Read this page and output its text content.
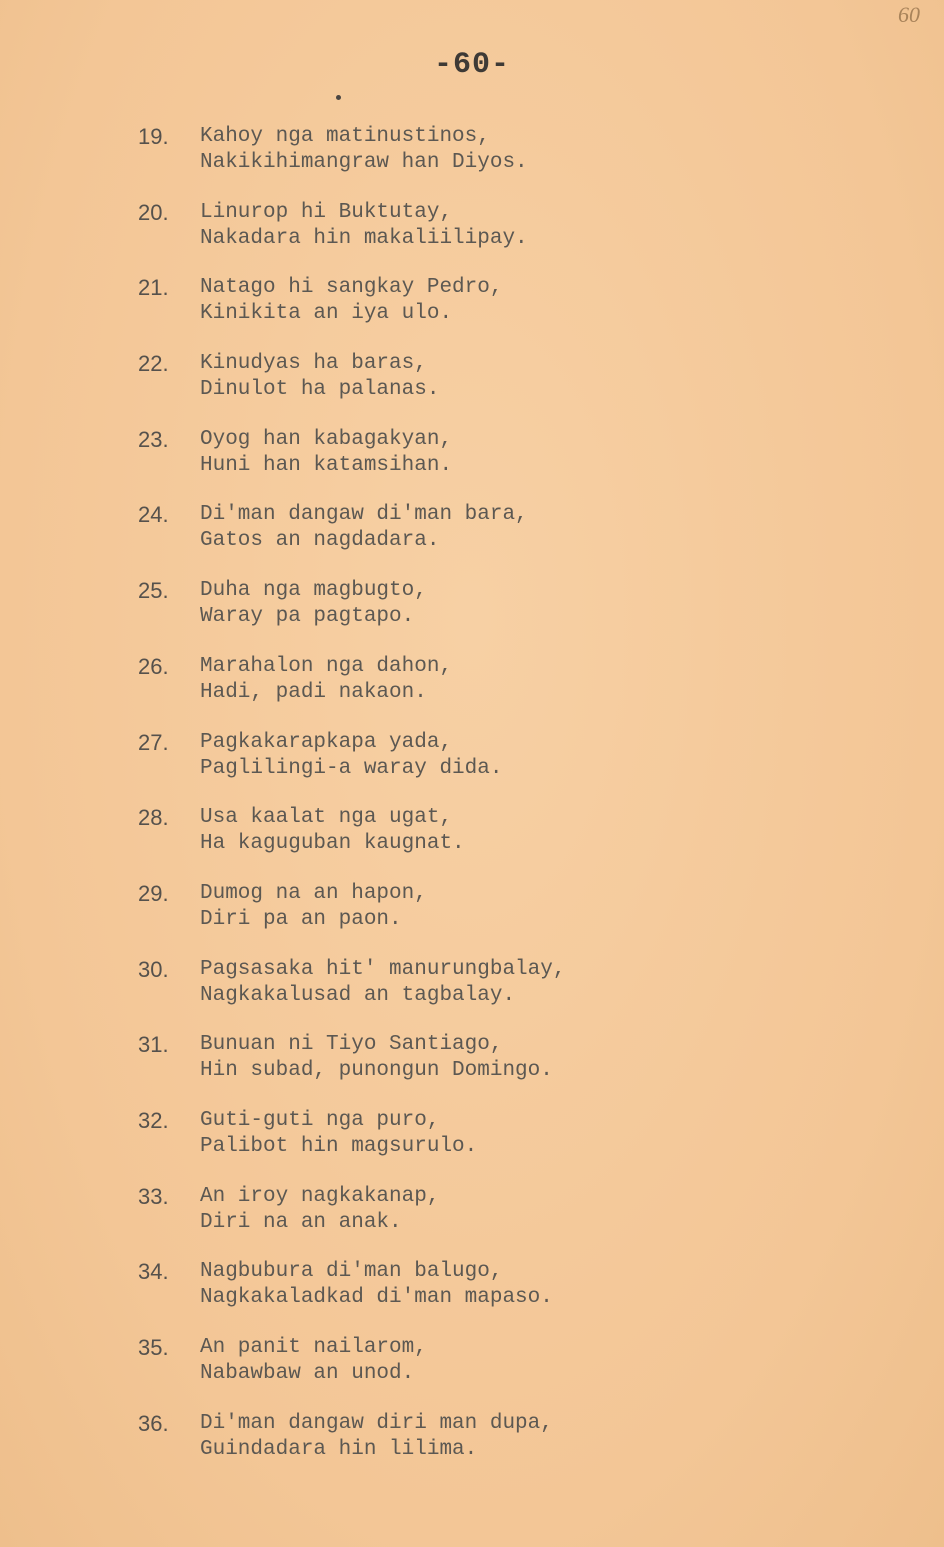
60
-60-
19.	Kahoy nga matinustinos,
Nakikihimangraw han Diyos.
20.	Linurop hi Buktutay,
Nakadara hin makaliilipay.
21.	Natago hi sangkay Pedro,
Kinikita an iya ulo.
22.	Kinudyas ha baras,
Dinulot ha palanas.
23.	Oyog han kabagakyan,
Huni han katamsihan.
24.	Di'man dangaw di'man bara,
Gatos an nagdadara.
25.	Duha nga magbugto,
Waray pa pagtapo.
26.	Marahalon nga dahon,
Hadi, padi nakaon.
27.	Pagkakarapkapa yada,
Paglilingi-a waray dida.
28.	Usa kaalat nga ugat,
Ha kaguguban kaugnat.
29.	Dumog na an hapon,
Diri pa an paon.
30.	Pagsasaka hit' manurungbalay,
Nagkakalusad an tagbalay.
31.	Bunuan ni Tiyo Santiago,
Hin subad, punongun Domingo.
32.	Guti-guti nga puro,
Palibot hin magsurulo.
33.	An iroy nagkakanap,
Diri na an anak.
34.	Nagbubura di'man balugo,
Nagkakaladkad di'man mapaso.
35.	An panit nailarom,
Nabawbaw an unod.
36.	Di'man dangaw diri man dupa,
Guindadara hin lilima.
